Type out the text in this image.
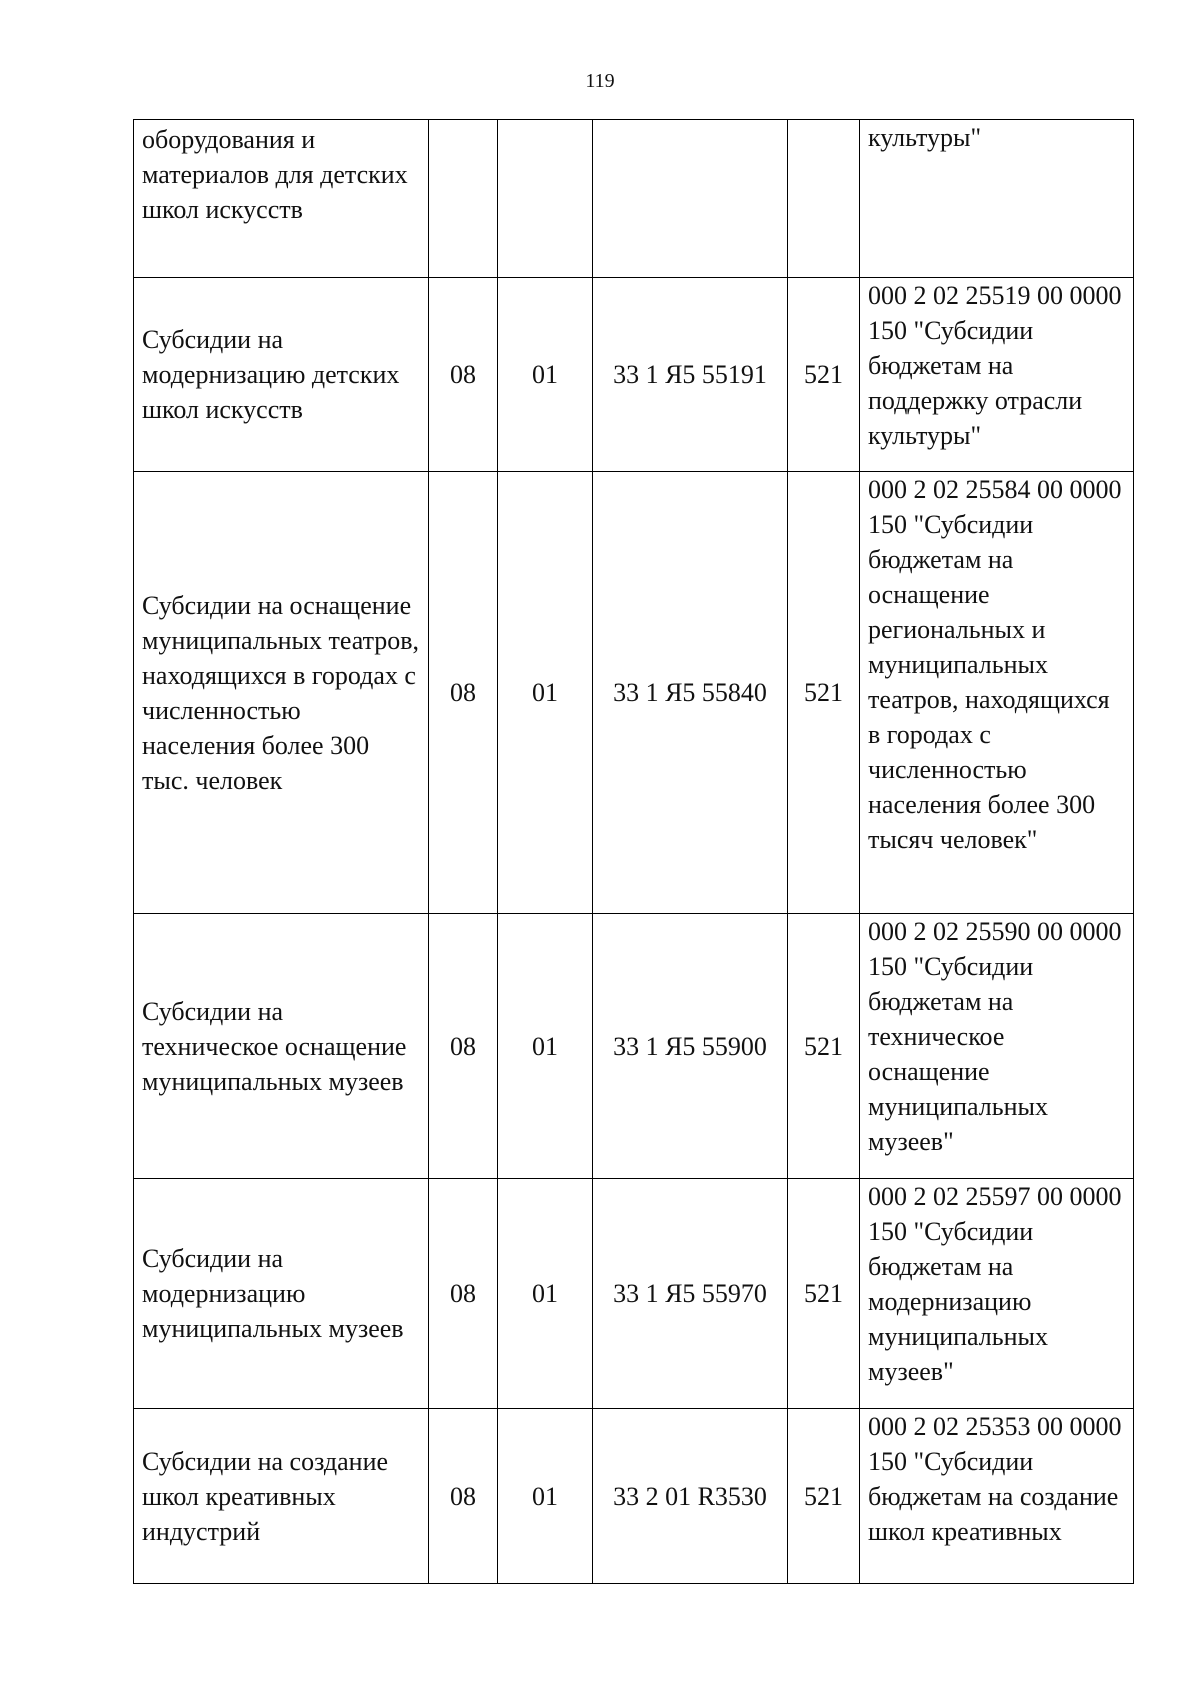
119
оборудования и материалов для детских школ искусств					культуры"
Субсидии на модернизацию детских школ искусств	08	01	33 1 Я5 55191	521	000 2 02 25519 00 0000 150 "Субсидии бюджетам на поддержку отрасли культуры"
Субсидии на оснащение муниципальных театров, находящихся в городах с численностью населения более 300 тыс. человек	08	01	33 1 Я5 55840	521	000 2 02 25584 00 0000 150 "Субсидии бюджетам на оснащение региональных и муниципальных театров, находящихся в городах с численностью населения более 300 тысяч человек"
Субсидии на техническое оснащение муниципальных музеев	08	01	33 1 Я5 55900	521	000 2 02 25590 00 0000 150 "Субсидии бюджетам на техническое оснащение муниципальных музеев"
Субсидии на модернизацию муниципальных музеев	08	01	33 1 Я5 55970	521	000 2 02 25597 00 0000 150 "Субсидии бюджетам на модернизацию муниципальных музеев"
Субсидии на создание школ креативных индустрий	08	01	33 2 01 R3530	521	000 2 02 25353 00 0000 150 "Субсидии бюджетам на создание школ креативных
